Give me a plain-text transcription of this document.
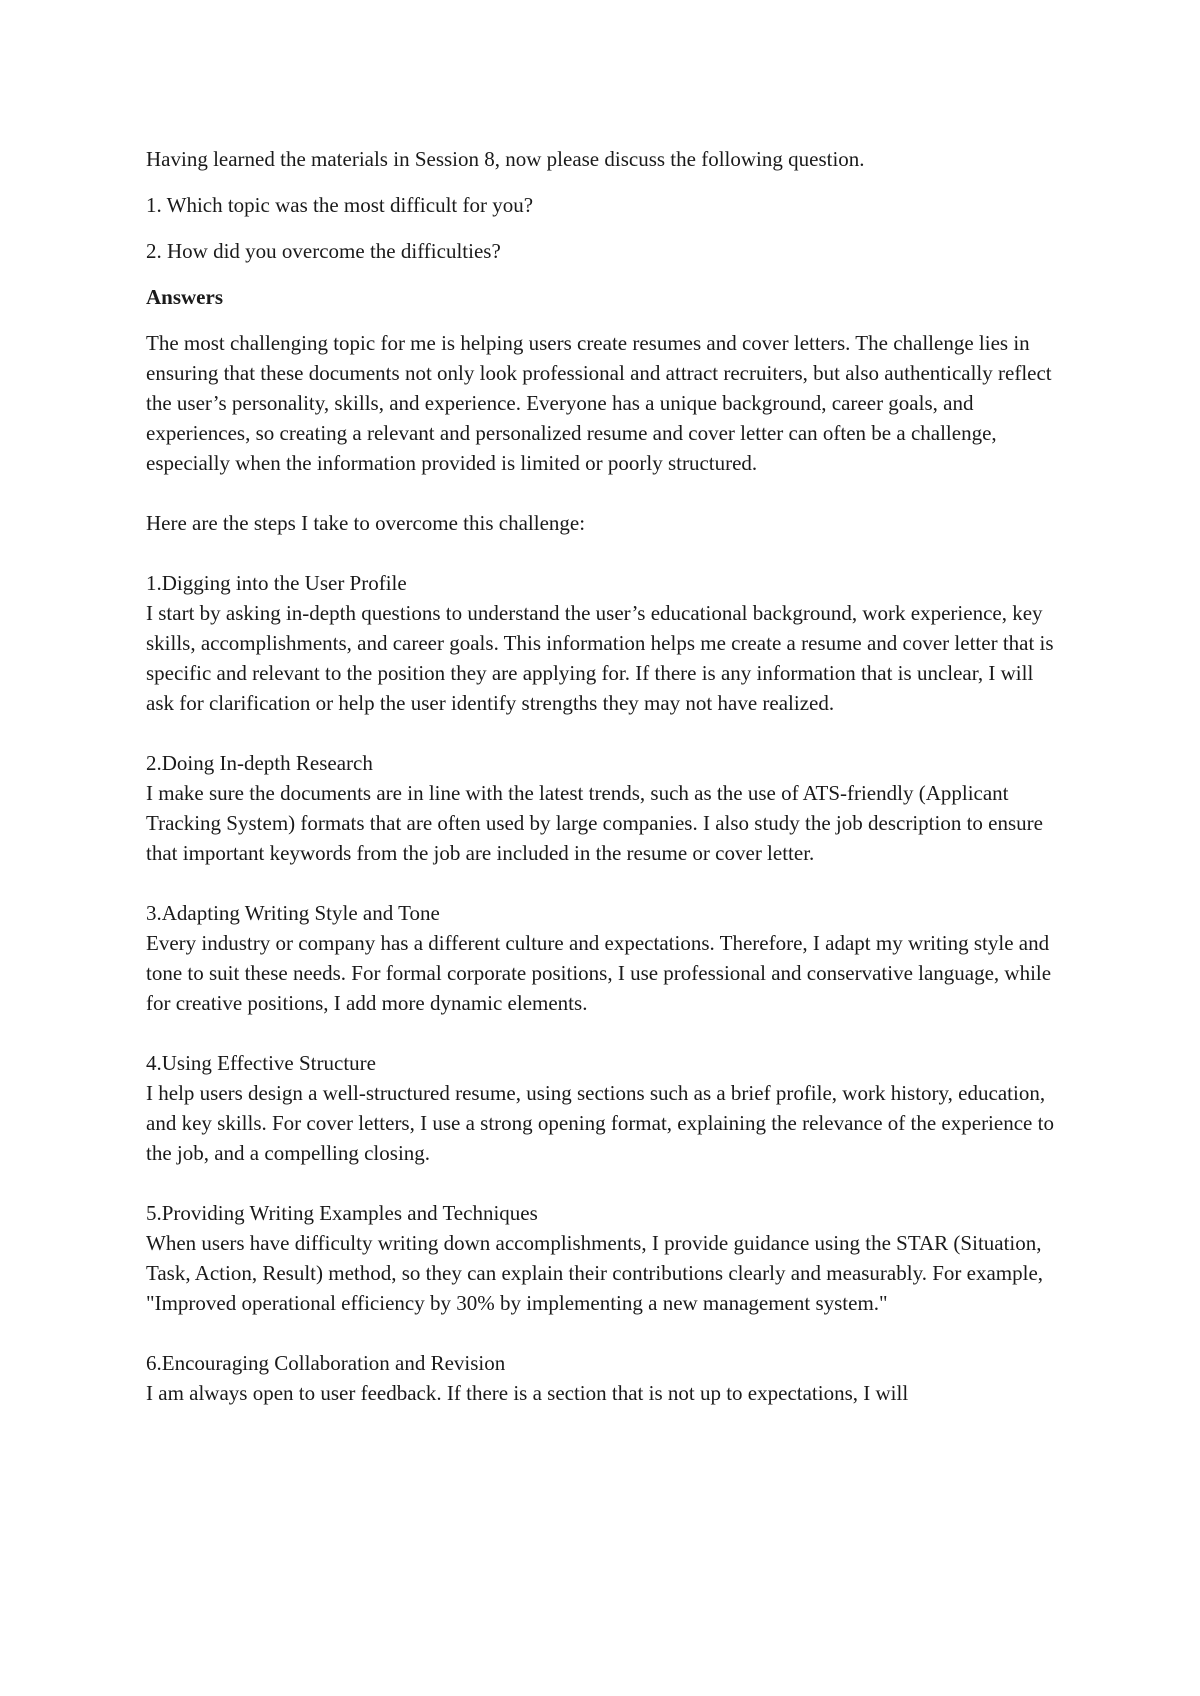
Having learned the materials in Session 8, now please discuss the following question.

1. Which topic was the most difficult for you?

2. How did you overcome the difficulties?

Answers

The most challenging topic for me is helping users create resumes and cover letters. The challenge lies in ensuring that these documents not only look professional and attract recruiters, but also authentically reflect the user’s personality, skills, and experience. Everyone has a unique background, career goals, and experiences, so creating a relevant and personalized resume and cover letter can often be a challenge, especially when the information provided is limited or poorly structured.

Here are the steps I take to overcome this challenge:

1.Digging into the User Profile
I start by asking in-depth questions to understand the user’s educational background, work experience, key skills, accomplishments, and career goals. This information helps me create a resume and cover letter that is specific and relevant to the position they are applying for. If there is any information that is unclear, I will ask for clarification or help the user identify strengths they may not have realized.
2.Doing In-depth Research
I make sure the documents are in line with the latest trends, such as the use of ATS-friendly (Applicant Tracking System) formats that are often used by large companies. I also study the job description to ensure that important keywords from the job are included in the resume or cover letter.
3.Adapting Writing Style and Tone
Every industry or company has a different culture and expectations. Therefore, I adapt my writing style and tone to suit these needs. For formal corporate positions, I use professional and conservative language, while for creative positions, I add more dynamic elements.
4.Using Effective Structure
I help users design a well-structured resume, using sections such as a brief profile, work history, education, and key skills. For cover letters, I use a strong opening format, explaining the relevance of the experience to the job, and a compelling closing.
5.Providing Writing Examples and Techniques
When users have difficulty writing down accomplishments, I provide guidance using the STAR (Situation, Task, Action, Result) method, so they can explain their contributions clearly and measurably. For example, "Improved operational efficiency by 30% by implementing a new management system."
6.Encouraging Collaboration and Revision
I am always open to user feedback. If there is a section that is not up to expectations, I will
